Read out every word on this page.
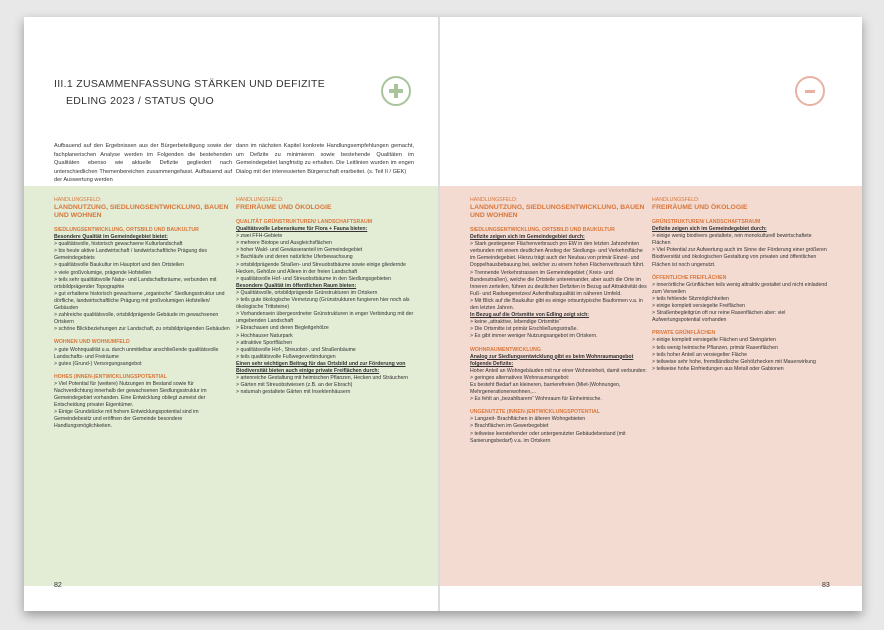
III.1 ZUSAMMENFASSUNG STÄRKEN UND DEFIZITE
EDLING 2023 / STATUS QUO

Aufbauend auf den Ergebnissen aus der Bürgerbeteiligung sowie der fachplanerischen Analyse werden im Folgenden die bestehenden Qualitäten ebenso wie aktuelle Defizite gegliedert nach unterschiedlichen Themenbereichen zusammengefasst. Aufbauend auf der Auswertung werden

dann im nächsten Kapitel konkrete Handlungsempfehlungen gemacht, um Defizite zu minimieren sowie bestehende Qualitäten im Gemeindegebiet langfristig zu erhalten. Die Leitlinien wurden im engen Dialog mit der interessierten Bürgerschaft erarbeitet. (s. Teil II / GEK)

HANDLUNGSFELD:
LANDNUTZUNG, SIEDLUNGSENTWICKLUNG, BAUEN UND WOHNEN
SIEDLUNGSENTWICKLUNG, ORTSBILD UND BAUKULTUR
Besondere Qualität im Gemeindegebiet bietet:
> qualitätsvolle, historisch gewachsene Kulturlandschaft
> bis heute aktive Landwirtschaft / landwirtschaftliche Prägung des Gemeindegebiets
> qualitätsvolle Baukultur im Hauptort und den Ortsteilen
> viele großvolumige, prägende Hofstellen
> teils sehr qualitätsvolle Natur- und Landschaftsräume, verbunden mit ortsbildprägender Topographie
> gut erhaltene historisch gewachsene „organische“ Siedlungsstruktur und dörfliche, landwirtschaftliche Prägung mit großvolumigen Hofstellen/ Gebäuden
> zahlreiche qualitätsvolle, ortsbildprägende Gebäude im gewachsenen Ortskern
> schöne Blickbeziehungen zur Landschaft, zu ortsbildprägenden Gebäuden
WOHNEN UND WOHNUMFELD
> gute Wohnqualität u.a. durch unmittelbar anschließende qualitätsvolle Landschafts- und Freiräume
> gutes (Grund-) Versorgungsangebot
HOHES (INNEN-)ENTWICKLUNGSPOTENTIAL
> Viel Potential für (weitere) Nutzungen im Bestand sowie für Nachverdichtung innerhalb der gewachsenen Siedlungsstruktur im Gemeindegebiet vorhanden. Eine Entwicklung obliegt zumeist der Entscheidung privater Eigentümer.
> Einige Grundstücke mit hohem Entwicklungspotential sind im Gemeindebesitz und eröffnen der Gemeinde besondere Handlungsmöglichkeiten.
HANDLUNGSFELD:
FREIRÄUME UND ÖKOLOGIE
QUALITÄT GRÜNSTRUKTUREN/ LANDSCHAFTSRAUM
Qualitätsvolle Lebensräume für Flora + Fauna bieten:
> zwei FFH-Gebiete
> mehrere Biotope und Ausgleichsflächen
> hoher Wald- und Gewässeranteil im Gemeindegebiet
> Bachläufe und deren natürliche Uferbewachsung
> ortsbildprägende Straßen- und Streuobstbäume sowie einige gliedernde Hecken, Gehölze und Alleen in der freien Landschaft
> qualitätsvolle Hof- und Streuobstbäume in den Siedlungsgebieten
Besondere Qualität im öffentlichen Raum bieten:
> Qualitätsvolle, ortsbildprägende Grünstrukturen im Ortskern
> teils gute ökologische Vernetzung (Grünstrukturen fungieren hier noch als ökologische Trittsteine)
> Vorhandensein übergeordneter Grünstrukturen in enger Verbindung mit der umgebenden Landschaft
> Ebrachauen und deren Begleitgehölze
> Hochhauser Naturpark
> attraktive Sportflächen
> qualitätsvolle Hof-, Streuobst-, und Straßenbäume
> teils qualitätsvolle Fußwegeverbindungen
Einen sehr wichtigen Beitrag für das Ortsbild und zur Förderung von Biodiversität bieten auch einige private Freiflächen durch:
> artenreiche Gestaltung mit heimischen Pflanzen, Hecken und Sträuchern
> Gärten mit Streuobstwiesen (z.B. an der Ebrach)
> naturnah gestaltete Gärten mit Insektenhäusern
HANDLUNGSFELD:
LANDNUTZUNG, SIEDLUNGSENTWICKLUNG, BAUEN UND WOHNEN
SIEDLUNGSENTWICKLUNG, ORTSBILD UND BAUKULTUR
Defizite zeigen sich im Gemeindegebiet durch:
> Stark gestiegener Flächenverbrauch pro EW in den letzten Jahrzehnten verbunden mit einem deutlichen Anstieg der Siedlungs- und Verkehrsfläche im Gemeindegebiet. Hierzu trägt auch der Neubau von primär Einzel- und Doppelhausbebauung bei, welcher zu einem hohen Flächenverbrauch führt.
> Trennende Verkehrstrassen im Gemeindegebiet ( Kreis- und Bundesstraßen), welche die Ortsteile untereinander, aber auch die Orte im Inneren zerteilen, führen zu deutlichen Defiziten in Bezug auf Attraktivität des Fuß- und Radwegenetzes/ Aufenthaltsqualität im näheren Umfeld.
> Mit Blick auf die Baukultur gibt es einige ortsuntypische Bauformen v.a. in den letzten Jahren.
In Bezug auf die Ortsmitte von Edling zeigt sich:
> keine „attraktive, lebendige Ortsmitte“
> Die Ortsmitte ist primär Erschließungsstraße.
> Es gibt immer weniger Nutzungsangebot im Ortskern.
WOHNRAUMENTWICKLUNG
Analog zur Siedlungsentwicklung gibt es beim Wohnraumangebot folgende Defizite:
Hoher Anteil an Wohngebäuden mit nur einer Wohneinheit, damit verbunden:
> geringes alternatives Wohnraumangebot:
Es besteht Bedarf an kleineren, barrierefreien (Miet-)Wohnungen, Mehrgenerationenwohnen,...
> Es fehlt an „bezahlbarem“ Wohnraum für Einheimische.
UNGENUTZTE (INNEN-)ENTWICKLUNGSPOTENTIAL
> Langzeit- Brachflächen in älteren Wohngebieten
> Brachflächen im Gewerbegebiet
> teilweise leerstehender oder untergenutzter Gebäudebestand (mit Sanierungsbedarf) v.a. im Ortskern
HANDLUNGSFELD:
FREIRÄUME UND ÖKOLOGIE
GRÜNSTRUKTUREN/ LANDSCHAFTSRAUM
Defizite zeigen sich im Gemeindegebiet durch:
> einige wenig biodivers gestaltete, rein monokulturell bewirtschaftete Flächen
> Viel Potential zur Aufwertung auch im Sinne der Förderung einer größeren Biodiversität und ökologischen Gestaltung von privaten und öffentlichen Flächen ist noch ungenutzt.
ÖFFENTLICHE FREIFLÄCHEN
> innerörtliche Grünflächen teils wenig attraktiv gestaltet und nicht einladend zum Verweilen
> teils fehlende Sitzmöglichkeiten
> einige komplett versiegelte Freiflächen
> Straßenbegleitgrün oft nur reine Rasenflächen aber: viel Aufwertungspotential vorhanden
PRIVATE GRÜNFLÄCHEN
> einige komplett versiegelte Flächen und Steingärten
> teils wenig heimische Pflanzen, primär Rasenflächen
> teils hoher Anteil an versiegelter Fläche
> teilweise sehr hohe, fremdländische Gehölzhecken mit Mauerwirkung
> teilweise hohe Einfriedungen aus Metall oder Gabionen
82	83
